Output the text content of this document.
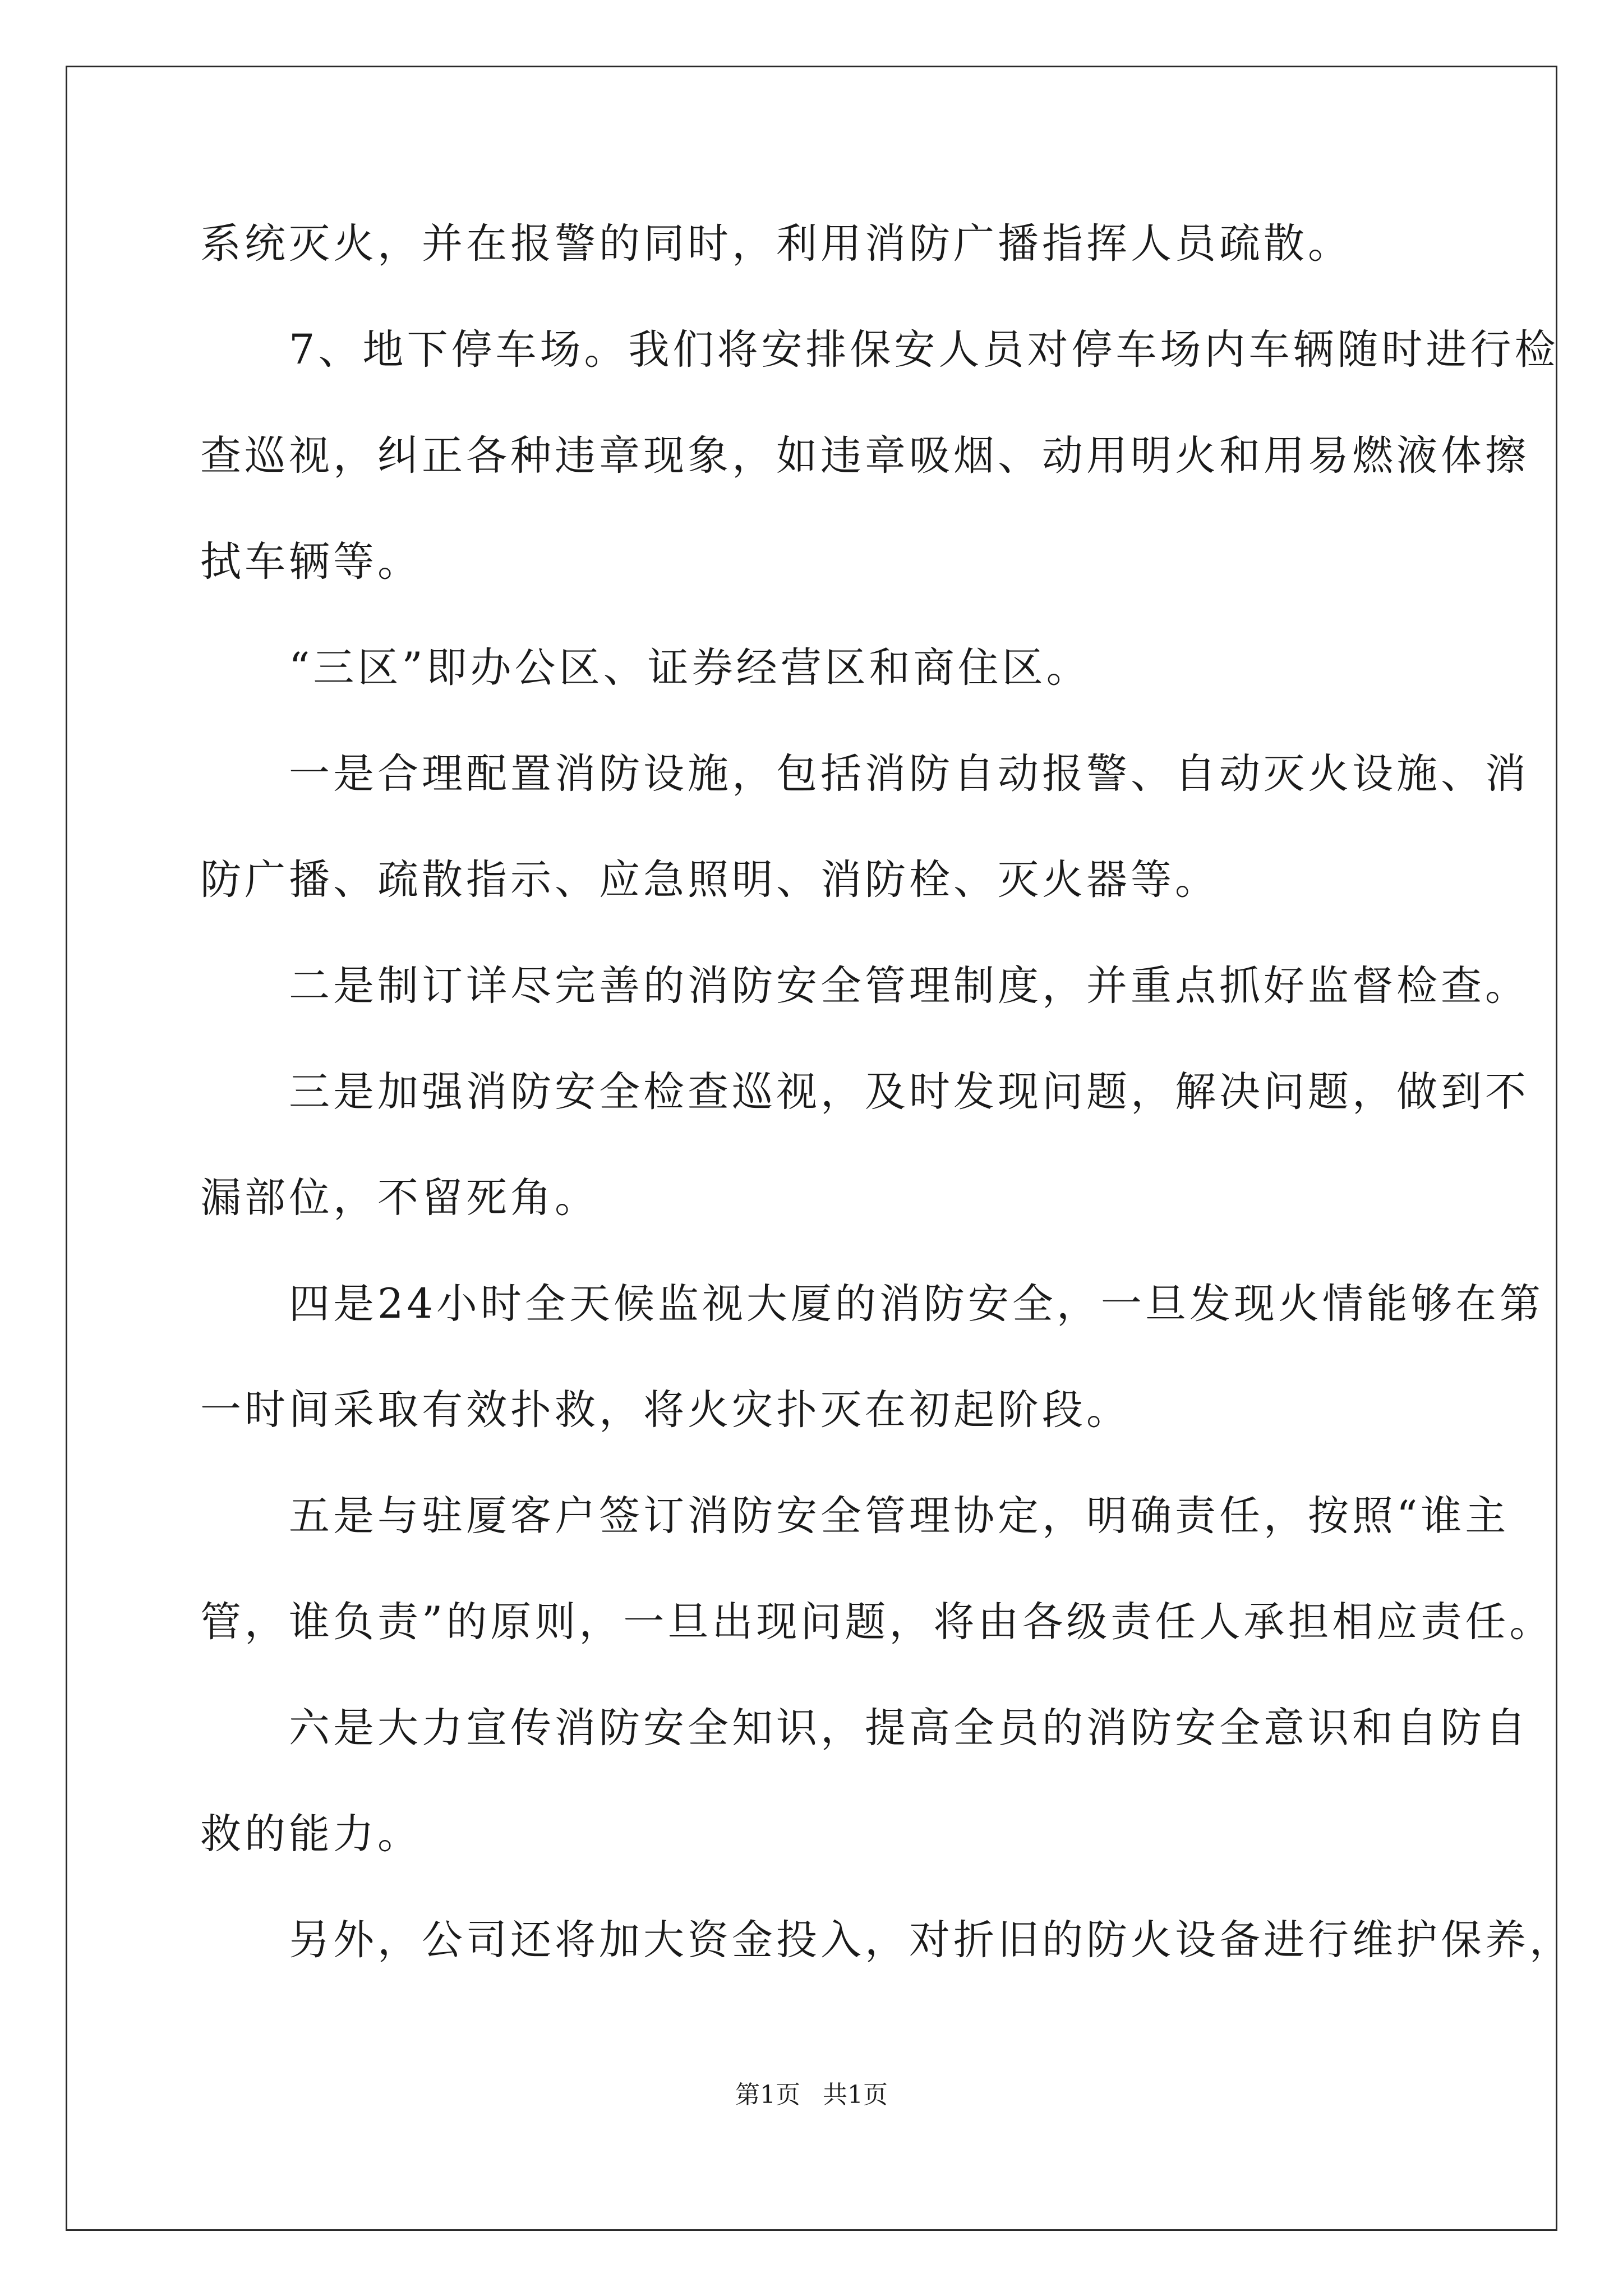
系统灭火，并在报警的同时，利用消防广播指挥人员疏散。
　　7、地下停车场。我们将安排保安人员对停车场内车辆随时进行检
查巡视，纠正各种违章现象，如违章吸烟、动用明火和用易燃液体擦
拭车辆等。
　　“三区”即办公区、证券经营区和商住区。
　　一是合理配置消防设施，包括消防自动报警、自动灭火设施、消
防广播、疏散指示、应急照明、消防栓、灭火器等。
　　二是制订详尽完善的消防安全管理制度，并重点抓好监督检查。
　　三是加强消防安全检查巡视，及时发现问题，解决问题，做到不
漏部位，不留死角。
　　四是24小时全天候监视大厦的消防安全，一旦发现火情能够在第
一时间采取有效扑救，将火灾扑灭在初起阶段。
　　五是与驻厦客户签订消防安全管理协定，明确责任，按照“谁主
管，谁负责”的原则，一旦出现问题，将由各级责任人承担相应责任。
　　六是大力宣传消防安全知识，提高全员的消防安全意识和自防自
救的能力。
　　另外，公司还将加大资金投入，对折旧的防火设备进行维护保养，
第1页 共1页
